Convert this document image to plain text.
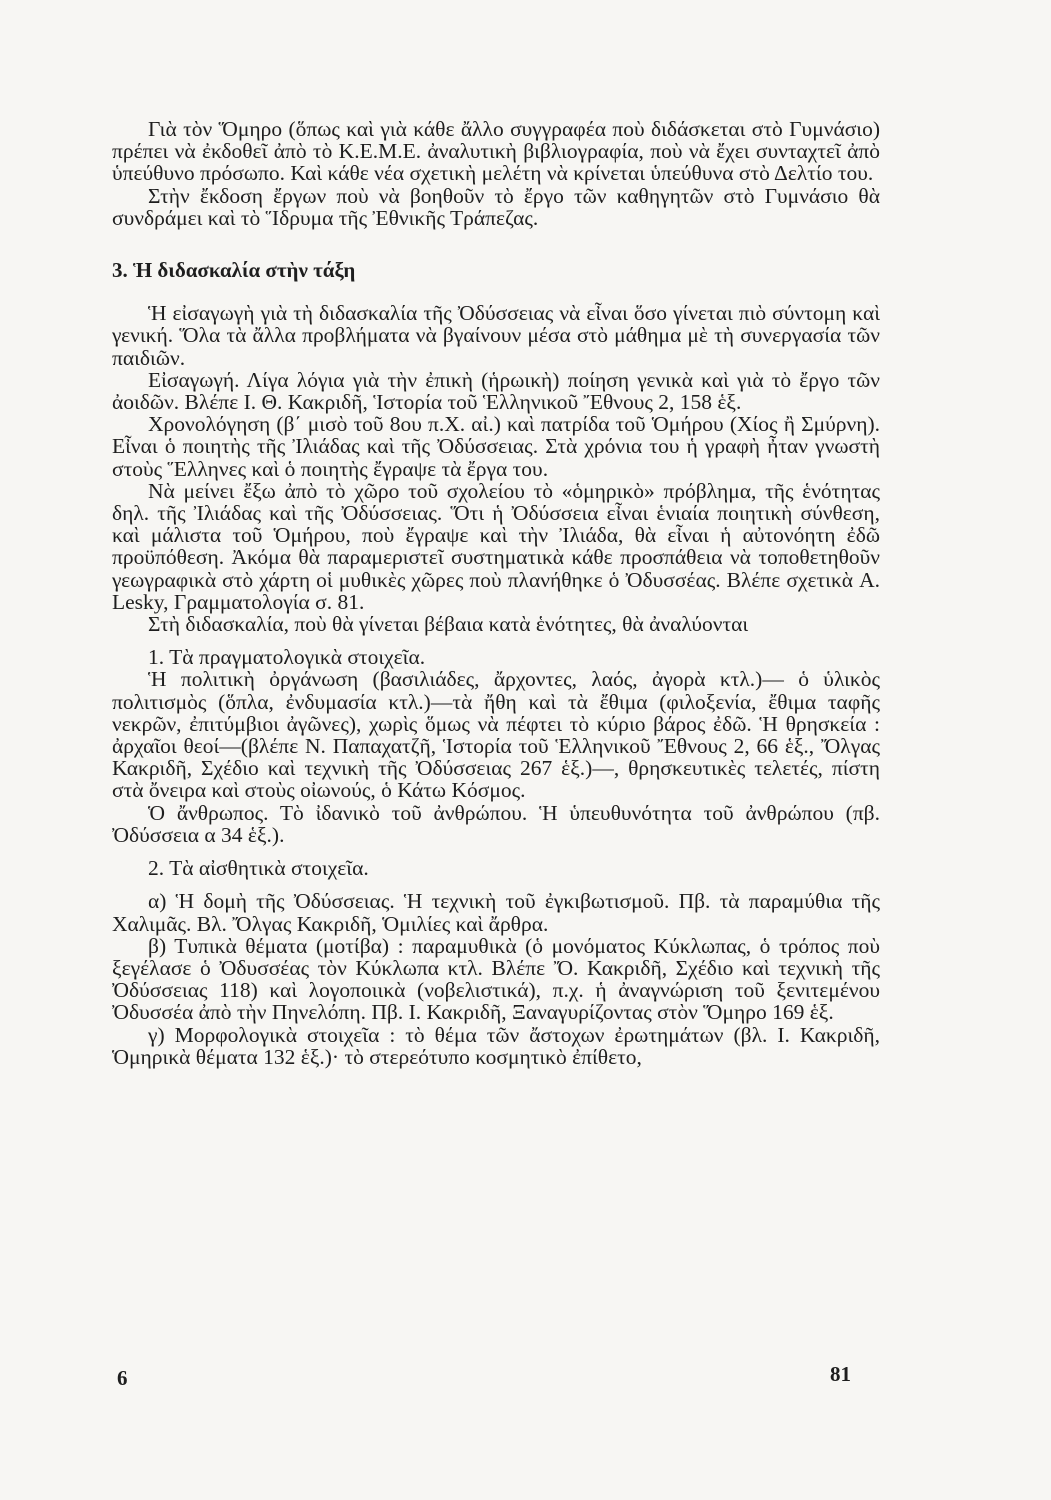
Γιὰ τὸν Ὅμηρο (ὅπως καὶ γιὰ κάθε ἄλλο συγγραφέα ποὺ διδάσκεται στὸ Γυμνάσιο) πρέπει νὰ ἐκδοθεῖ ἀπὸ τὸ Κ.Ε.Μ.Ε. ἀναλυτικὴ βιβλιογραφία, ποὺ νὰ ἔχει συνταχτεῖ ἀπὸ ὑπεύθυνο πρόσωπο. Καὶ κάθε νέα σχετικὴ μελέτη νὰ κρίνεται ὑπεύθυνα στὸ Δελτίο του.

Στὴν ἔκδοση ἔργων ποὺ νὰ βοηθοῦν τὸ ἔργο τῶν καθηγητῶν στὸ Γυμνάσιο θὰ συνδράμει καὶ τὸ Ἵδρυμα τῆς Ἐθνικῆς Τράπεζας.

3. Ἡ διδασκαλία στὴν τάξη

Ἡ εἰσαγωγὴ γιὰ τὴ διδασκαλία τῆς Ὀδύσσειας νὰ εἶναι ὅσο γίνεται πιὸ σύντομη καὶ γενική. Ὅλα τὰ ἄλλα προβλήματα νὰ βγαίνουν μέσα στὸ μάθημα μὲ τὴ συνεργασία τῶν παιδιῶν.

Εἰσαγωγή. Λίγα λόγια γιὰ τὴν ἐπικὴ (ἡρωικὴ) ποίηση γενικὰ καὶ γιὰ τὸ ἔργο τῶν ἀοιδῶν. Βλέπε Ι. Θ. Κακριδῆ, Ἱστορία τοῦ Ἑλληνικοῦ Ἔθνους 2, 158 ἑξ.

Χρονολόγηση (β΄ μισὸ τοῦ 8ου π.Χ. αἰ.) καὶ πατρίδα τοῦ Ὁμήρου (Χίος ἢ Σμύρνη). Εἶναι ὁ ποιητὴς τῆς Ἰλιάδας καὶ τῆς Ὀδύσσειας. Στὰ χρόνια του ἡ γραφὴ ἦταν γνωστὴ στοὺς Ἕλληνες καὶ ὁ ποιητὴς ἔγραψε τὰ ἔργα του.

Νὰ μείνει ἔξω ἀπὸ τὸ χῶρο τοῦ σχολείου τὸ «ὁμηρικὸ» πρόβλημα, τῆς ἑνότητας δηλ. τῆς Ἰλιάδας καὶ τῆς Ὀδύσσειας. Ὅτι ἡ Ὀδύσσεια εἶναι ἑνιαία ποιητικὴ σύνθεση, καὶ μάλιστα τοῦ Ὁμήρου, ποὺ ἔγραψε καὶ τὴν Ἰλιάδα, θὰ εἶναι ἡ αὐτονόητη ἐδῶ προϋπόθεση. Ἀκόμα θὰ παραμεριστεῖ συστηματικὰ κάθε προσπάθεια νὰ τοποθετηθοῦν γεωγραφικὰ στὸ χάρτη οἱ μυθικὲς χῶρες ποὺ πλανήθηκε ὁ Ὀδυσσέας. Βλέπε σχετικὰ A. Lesky, Γραμματολογία σ. 81.

Στὴ διδασκαλία, ποὺ θὰ γίνεται βέβαια κατὰ ἑνότητες, θὰ ἀναλύονται

1. Τὰ πραγματολογικὰ στοιχεῖα.

Ἡ πολιτικὴ ὀργάνωση (βασιλιάδες, ἄρχοντες, λαός, ἀγορὰ κτλ.)— ὁ ὑλικὸς πολιτισμὸς (ὅπλα, ἐνδυμασία κτλ.)—τὰ ἤθη καὶ τὰ ἔθιμα (φιλοξενία, ἔθιμα ταφῆς νεκρῶν, ἐπιτύμβιοι ἀγῶνες), χωρὶς ὅμως νὰ πέφτει τὸ κύριο βάρος ἐδῶ. Ἡ θρησκεία : ἀρχαῖοι θεοί—(βλέπε Ν. Παπαχατζῆ, Ἱστορία τοῦ Ἑλληνικοῦ Ἔθνους 2, 66 ἑξ., Ὄλγας Κακριδῆ, Σχέδιο καὶ τεχνικὴ τῆς Ὀδύσσειας 267 ἑξ.)—, θρησκευτικὲς τελετές, πίστη στὰ ὄνειρα καὶ στοὺς οἰωνούς, ὁ Κάτω Κόσμος.

Ὁ ἄνθρωπος. Τὸ ἰδανικὸ τοῦ ἀνθρώπου. Ἡ ὑπευθυνότητα τοῦ ἀνθρώπου (πβ. Ὀδύσσεια α 34 ἑξ.).

2. Τὰ αἰσθητικὰ στοιχεῖα.

α) Ἡ δομὴ τῆς Ὀδύσσειας. Ἡ τεχνικὴ τοῦ ἐγκιβωτισμοῦ. Πβ. τὰ παραμύθια τῆς Χαλιμᾶς. Βλ. Ὄλγας Κακριδῆ, Ὁμιλίες καὶ ἄρθρα.

β) Τυπικὰ θέματα (μοτίβα) : παραμυθικὰ (ὁ μονόματος Κύκλωπας, ὁ τρόπος ποὺ ξεγέλασε ὁ Ὀδυσσέας τὸν Κύκλωπα κτλ. Βλέπε Ὄ. Κακριδῆ, Σχέδιο καὶ τεχνικὴ τῆς Ὀδύσσειας 118) καὶ λογοποιικὰ (νοβελιστικά), π.χ. ἡ ἀναγνώριση τοῦ ξενιτεμένου Ὀδυσσέα ἀπὸ τὴν Πηνελόπη. Πβ. Ι. Κακριδῆ, Ξαναγυρίζοντας στὸν Ὅμηρο 169 ἑξ.

γ) Μορφολογικὰ στοιχεῖα : τὸ θέμα τῶν ἄστοχων ἐρωτημάτων (βλ. Ι. Κακριδῆ, Ὁμηρικὰ θέματα 132 ἑξ.)· τὸ στερεότυπο κοσμητικὸ ἐπίθετο,

6	81
